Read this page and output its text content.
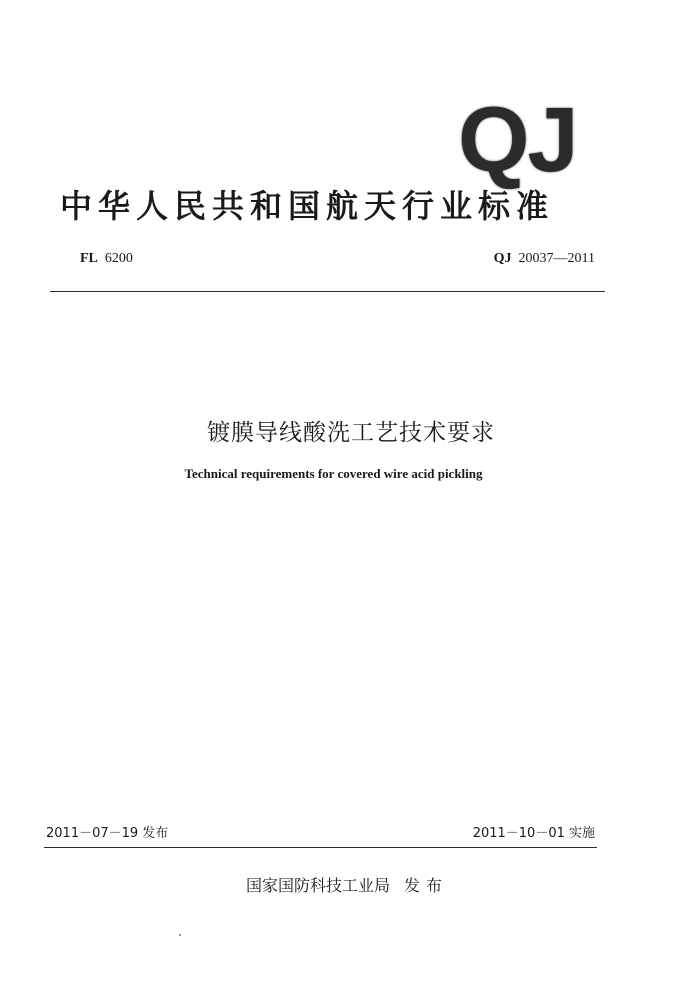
QJ
中华人民共和国航天行业标准
FL 6200	QJ 20037—2011
镀膜导线酸洗工艺技术要求
Technical requirements for covered wire acid pickling
2011－07－19 发布	2011－10－01 实施
国家国防科技工业局 发布
